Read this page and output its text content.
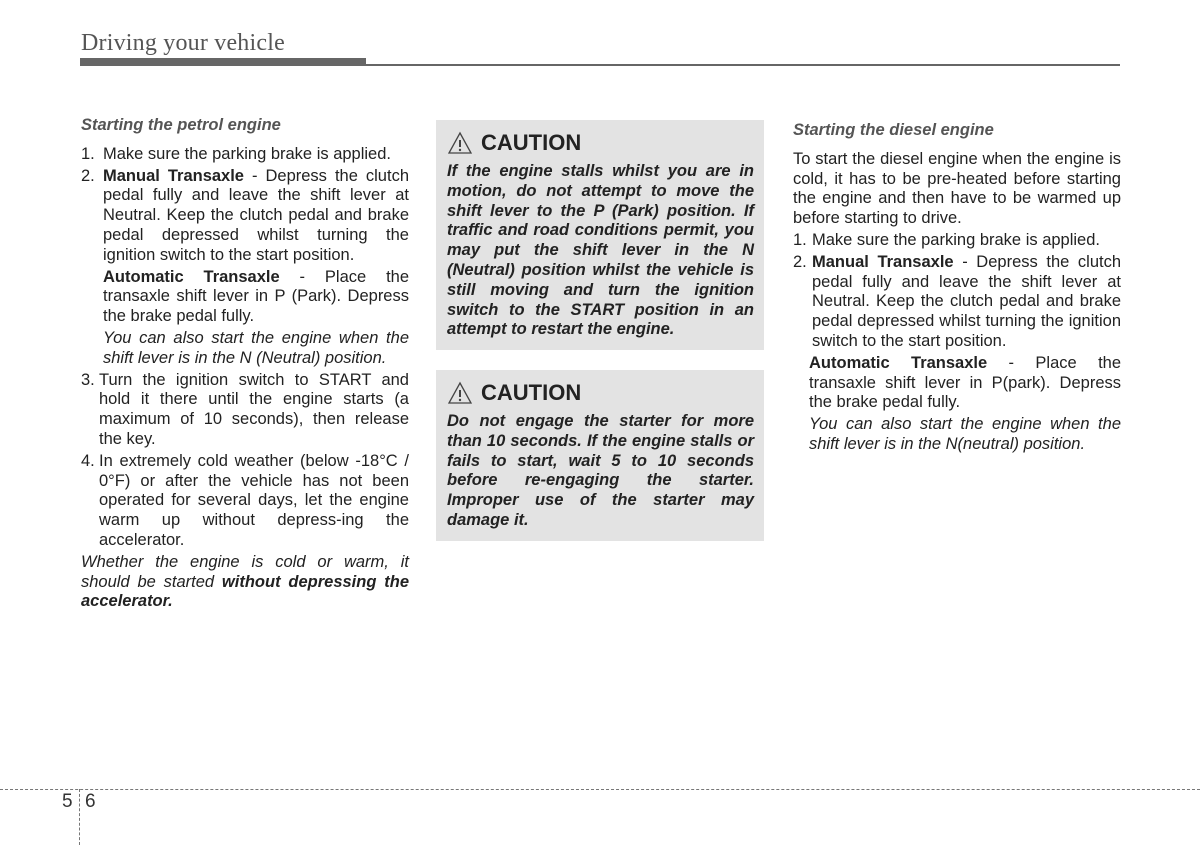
Driving your vehicle
Starting the petrol engine
1. Make sure the parking brake is applied.
2. Manual Transaxle - Depress the clutch pedal fully and leave the shift lever at Neutral. Keep the clutch pedal and brake pedal depressed whilst turning the ignition switch to the start position.
Automatic Transaxle - Place the transaxle shift lever in P (Park). Depress the brake pedal fully.
You can also start the engine when the shift lever is in the N (Neutral) position.
3. Turn the ignition switch to START and hold it there until the engine starts (a maximum of 10 seconds), then release the key.
4. In extremely cold weather (below -18°C / 0°F) or after the vehicle has not been operated for several days, let the engine warm up without depress-ing the accelerator.
Whether the engine is cold or warm, it should be started without depressing the accelerator.
CAUTION
If the engine stalls whilst you are in motion, do not attempt to move the shift lever to the P (Park) position. If traffic and road conditions permit, you may put the shift lever in the N (Neutral) position whilst the vehicle is still moving and turn the ignition switch to the START position in an attempt to restart the engine.
CAUTION
Do not engage the starter for more than 10 seconds. If the engine stalls or fails to start, wait 5 to 10 seconds before re-engaging the starter. Improper use of the starter may damage it.
Starting the diesel engine
To start the diesel engine when the engine is cold, it has to be pre-heated before starting the engine and then have to be warmed up before starting to drive.
1. Make sure the parking brake is applied.
2. Manual Transaxle - Depress the clutch pedal fully and leave the shift lever at Neutral. Keep the clutch pedal and brake pedal depressed whilst turning the ignition switch to the start position.
Automatic Transaxle - Place the transaxle shift lever in P(park). Depress the brake pedal fully.
You can also start the engine when the shift lever is in the N(neutral) position.
5 6
